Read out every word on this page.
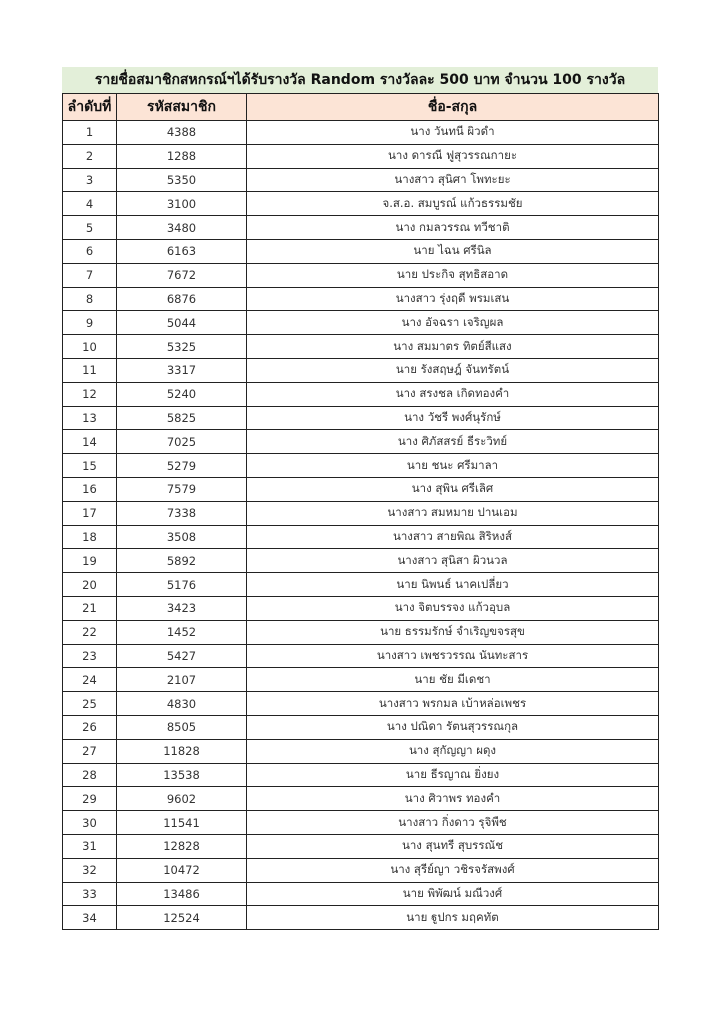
รายชื่อสมาชิกสหกรณ์ฯได้รับรางวัล Random รางวัลละ 500 บาท จำนวน 100 รางวัล
ลำดับที่	รหัสสมาชิก	ชื่อ-สกุล
1	4388	นาง วันทนี ผิวดำ
2	1288	นาง ดารณี ฟูสุวรรณกายะ
3	5350	นางสาว สุนิศา โพทะยะ
4	3100	จ.ส.อ. สมบูรณ์ แก้วธรรมชัย
5	3480	นาง กมลวรรณ ทวีชาติ
6	6163	นาย ไฉน ศรีนิล
7	7672	นาย ประกิจ สุทธิสอาด
8	6876	นางสาว รุ่งฤดี พรมเสน
9	5044	นาง อัจฉรา เจริญผล
10	5325	นาง สมมาตร ทิตย์สีแสง
11	3317	นาย รังสฤษฎ์ จันทรัตน์
12	5240	นาง สรงชล เกิดทองคำ
13	5825	นาง วัชรี พงศ์นุรักษ์
14	7025	นาง ศิภัสสรย์ ธีระวิทย์
15	5279	นาย ชนะ ศรีมาลา
16	7579	นาง สุพิน ศรีเลิศ
17	7338	นางสาว สมหมาย ปานเอม
18	3508	นางสาว สายพิณ สิริหงส์
19	5892	นางสาว สุนิสา ผิวนวล
20	5176	นาย นิพนธ์ นาคเปลี่ยว
21	3423	นาง จิตบรรจง แก้วอุบล
22	1452	นาย ธรรมรักษ์ จำเริญขจรสุข
23	5427	นางสาว เพชรวรรณ นันทะสาร
24	2107	นาย ชัย มีเดชา
25	4830	นางสาว พรกมล เบ้าหล่อเพชร
26	8505	นาง ปณิดา รัตนสุวรรณกุล
27	11828	นาง สุกัญญา ผดุง
28	13538	นาย ธีรญาณ ยิ่งยง
29	9602	นาง ศิวาพร ทองคำ
30	11541	นางสาว กิ่งดาว รุจิพืช
31	12828	นาง สุนทรี สุบรรณัช
32	10472	นาง สุรีย์ญา วชิรจรัสพงศ์
33	13486	นาย พิพัฒน์ มณีวงศ์
34	12524	นาย ฐูปกร มฤคทัต
